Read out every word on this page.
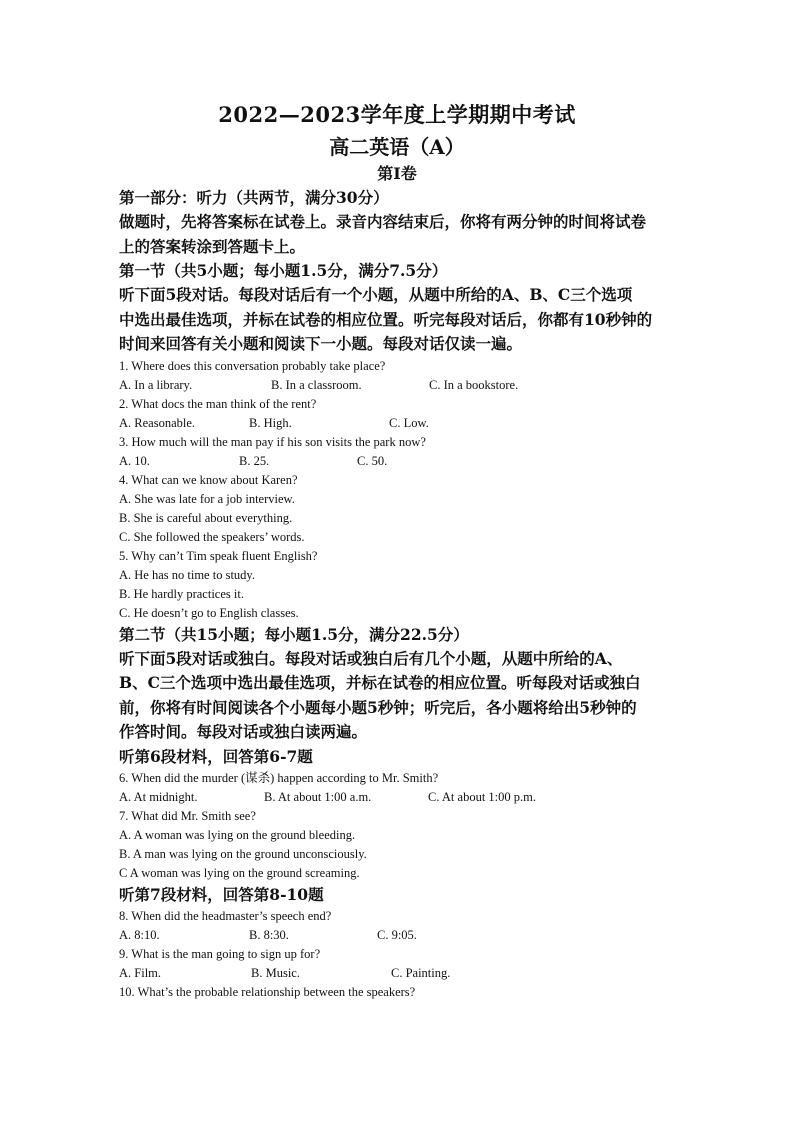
2022—2023学年度上学期期中考试
高二英语（A）
第Ⅰ卷
第一部分：听力（共两节，满分30分）
做题时，先将答案标在试卷上。录音内容结束后，你将有两分钟的时间将试卷
上的答案转涂到答题卡上。
第一节（共5小题；每小题1.5分，满分7.5分）
听下面5段对话。每段对话后有一个小题，从题中所给的A、B、C三个选项
中选出最佳选项，并标在试卷的相应位置。听完每段对话后，你都有10秒钟的
时间来回答有关小题和阅读下一小题。每段对话仅读一遍。
1. Where does this conversation probably take place?
A. In a library.	B. In a classroom.	C. In a bookstore.
2. What docs the man think of the rent?
A. Reasonable.	B. High.	C. Low.
3. How much will the man pay if his son visits the park now?
A. 10.	B. 25.	C. 50.
4. What can we know about Karen?
A. She was late for a job interview.
B. She is careful about everything.
C. She followed the speakers’ words.
5. Why can’t Tim speak fluent English?
A. He has no time to study.
B. He hardly practices it.
C. He doesn’t go to English classes.
第二节（共15小题；每小题1.5分，满分22.5分）
听下面5段对话或独白。每段对话或独白后有几个小题，从题中所给的A、
B、C三个选项中选出最佳选项，并标在试卷的相应位置。听每段对话或独白
前，你将有时间阅读各个小题每小题5秒钟；听完后，各小题将给出5秒钟的
作答时间。每段对话或独白读两遍。
听第6段材料，回答第6-7题
6. When did the murder (谋杀) happen according to Mr. Smith?
A. At midnight.	B. At about 1:00 a.m.	C. At about 1:00 p.m.
7. What did Mr. Smith see?
A. A woman was lying on the ground bleeding.
B. A man was lying on the ground unconsciously.
C A woman was lying on the ground screaming.
听第7段材料，回答第8-10题
8. When did the headmaster’s speech end?
A. 8:10.	B. 8:30.	C. 9:05.
9. What is the man going to sign up for?
A. Film.	B. Music.	C. Painting.
10. What’s the probable relationship between the speakers?
